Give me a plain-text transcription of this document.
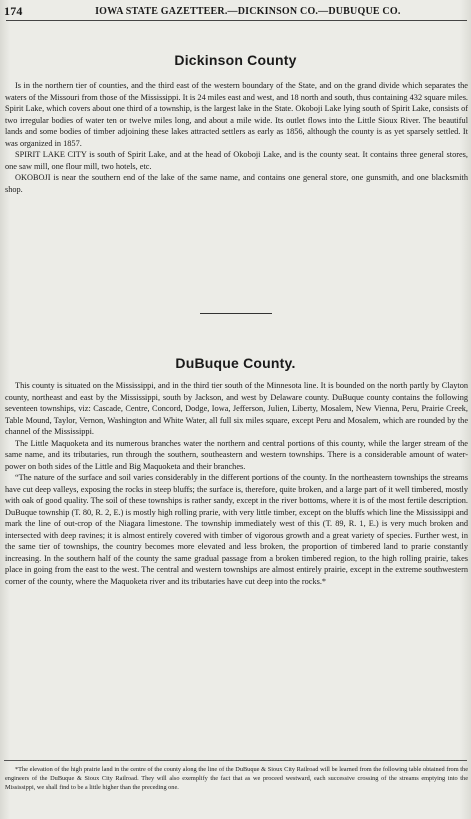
174	IOWA STATE GAZETTEER.—DICKINSON CO.—DUBUQUE CO.
Dickinson County

Is in the northern tier of counties, and the third east of the western boundary of the State, and on the grand divide which separates the waters of the Missouri from those of the Mississippi. It is 24 miles east and west, and 18 north and south, thus containing 432 square miles. Spirit Lake, which covers about one third of a township, is the largest lake in the State. Okoboji Lake lying south of Spirit Lake, consists of two irregular bodies of water ten or twelve miles long, and about a mile wide. Its outlet flows into the Little Sioux River. The beautiful lands and some bodies of timber adjoining these lakes attracted settlers as early as 1856, although the county is as yet sparsely settled. It was organized in 1857.

SPIRIT LAKE CITY is south of Spirit Lake, and at the head of Okoboji Lake, and is the county seat. It contains three general stores, one saw mill, one flour mill, two hotels, etc.

OKOBOJI is near the southern end of the lake of the same name, and contains one general store, one gunsmith, and one blacksmith shop.

DuBuque County.

This county is situated on the Mississippi, and in the third tier south of the Minnesota line. It is bounded on the north partly by Clayton county, northeast and east by the Mississippi, south by Jackson, and west by Delaware county. DuBuque county contains the following seventeen townships, viz: Cascade, Centre, Concord, Dodge, Iowa, Jefferson, Julien, Liberty, Mosalem, New Vienna, Peru, Prairie Creek, Table Mound, Taylor, Vernon, Washington and White Water, all full six miles square, except Peru and Mosalem, which are rounded by the channel of the Mississippi.

The Little Maquoketa and its numerous branches water the northern and central portions of this county, while the larger stream of the same name, and its tributaries, run through the southern, southeastern and western townships. There is a considerable amount of water-power on both sides of the Little and Big Maquoketa and their branches.

“The nature of the surface and soil varies considerably in the different portions of the county. In the northeastern townships the streams have cut deep valleys, exposing the rocks in steep bluffs; the surface is, therefore, quite broken, and a large part of it well timbered, mostly with oak of good quality. The soil of these townships is rather sandy, except in the river bottoms, where it is of the most fertile description. DuBuque township (T. 80, R. 2, E.) is mostly high rolling prarie, with very little timber, except on the bluffs which line the Mississippi and mark the line of out-crop of the Niagara limestone. The township immediately west of this (T. 89, R. 1, E.) is very much broken and intersected with deep ravines; it is almost entirely covered with timber of vigorous growth and a great variety of species. Further west, in the same tier of townships, the country becomes more elevated and less broken, the proportion of timbered land to prarie constantly increasing. In the southern half of the county the same gradual passage from a broken timbered region, to the high rolling prairie, takes place in going from the east to the west. The central and western townships are almost entirely prairie, except in the extreme southwestern corner of the county, where the Maquoketa river and its tributaries have cut deep into the rocks.*

*The elevation of the high prairie land in the centre of the county along the line of the DuBuque & Sioux City Railroad will be learned from the following table obtained from the engineers of the DuBuque & Sioux City Railroad. They will also exemplify the fact that as we proceed westward, each successive crossing of the streams emptying into the Mississippi, we shall find to be a little higher than the preceding one.
